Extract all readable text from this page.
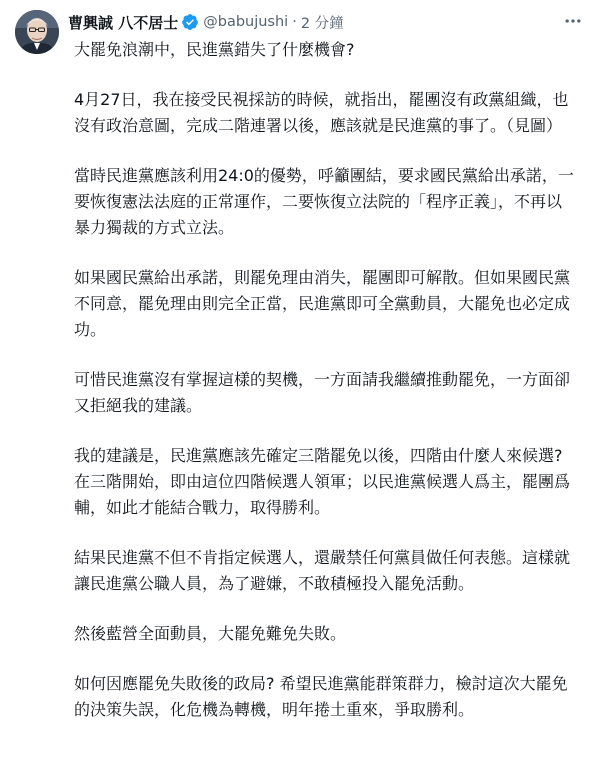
曹興誠 八不居士 @babujushi · 2 分鐘

大罷免浪潮中，民進黨錯失了什麼機會?

4月27日，我在接受民視採訪的時候，就指出，罷團沒有政黨組織，也沒有政治意圖，完成二階連署以後，應該就是民進黨的事了。（見圖）

當時民進黨應該利用24:0的優勢，呼籲團結，要求國民黨給出承諾，一要恢復憲法法庭的正常運作，二要恢復立法院的「程序正義」，不再以暴力獨裁的方式立法。

如果國民黨給出承諾，則罷免理由消失，罷團即可解散。但如果國民黨不同意，罷免理由則完全正當，民進黨即可全黨動員，大罷免也必定成功。

可惜民進黨沒有掌握這樣的契機，一方面請我繼續推動罷免，一方面卻又拒絕我的建議。

我的建議是，民進黨應該先確定三階罷免以後，四階由什麼人來候選? 在三階開始，即由這位四階候選人領軍；以民進黨候選人爲主，罷團爲輔，如此才能結合戰力，取得勝利。

結果民進黨不但不肯指定候選人，還嚴禁任何黨員做任何表態。這樣就讓民進黨公職人員，為了避嫌，不敢積極投入罷免活動。

然後藍營全面動員，大罷免難免失敗。

如何因應罷免失敗後的政局? 希望民進黨能群策群力，檢討這次大罷免的決策失誤，化危機為轉機，明年捲土重來，爭取勝利。
